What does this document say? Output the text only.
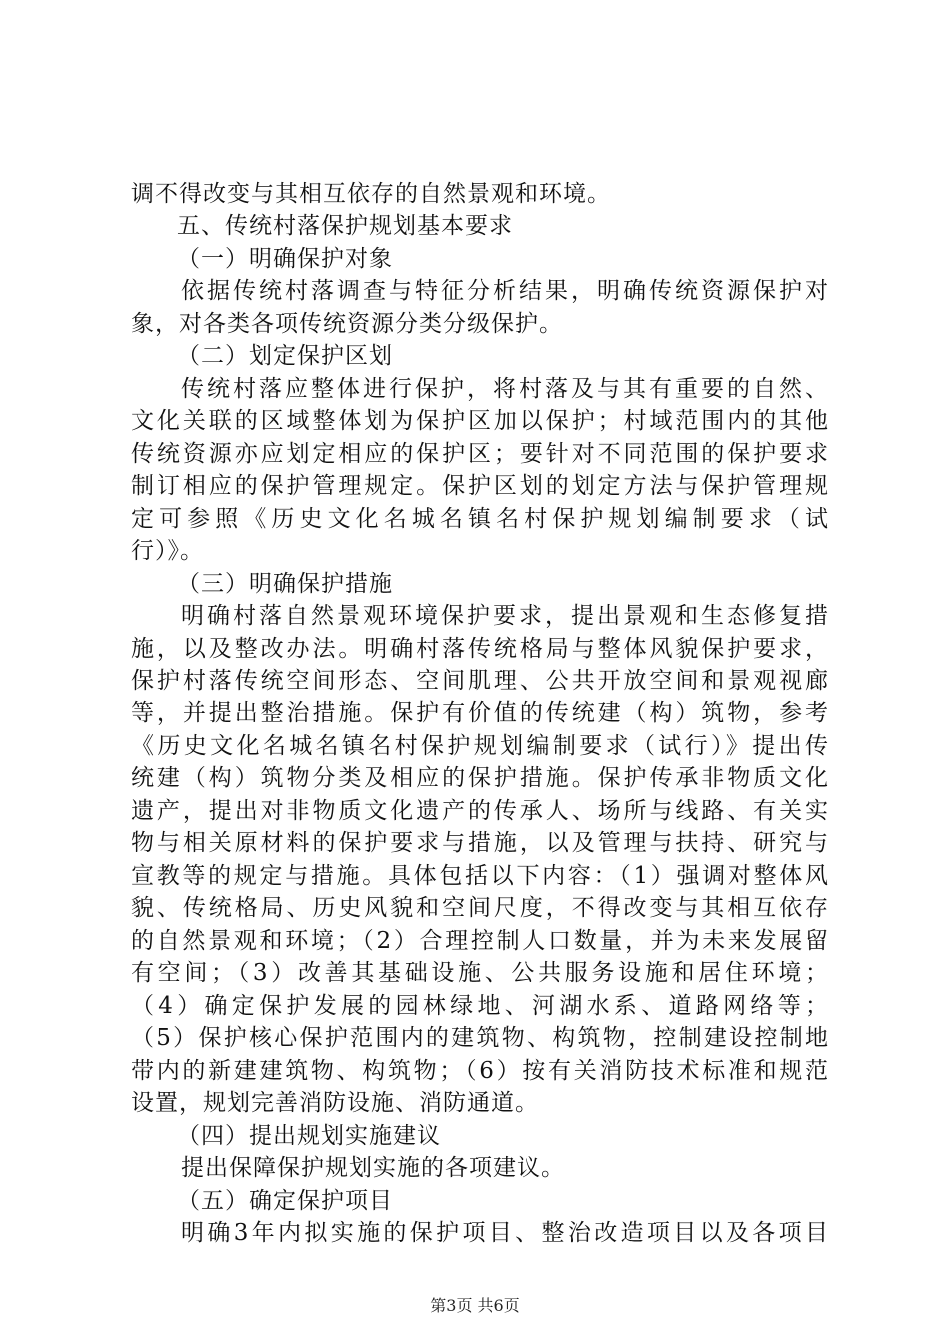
调不得改变与其相互依存的自然景观和环境。
五、传统村落保护规划基本要求
（一）明确保护对象
依据传统村落调查与特征分析结果，明确传统资源保护对
象，对各类各项传统资源分类分级保护。
（二）划定保护区划
传统村落应整体进行保护，将村落及与其有重要的自然、
文化关联的区域整体划为保护区加以保护；村域范围内的其他
传统资源亦应划定相应的保护区；要针对不同范围的保护要求
制订相应的保护管理规定。保护区划的划定方法与保护管理规
定可参照《历史文化名城名镇名村保护规划编制要求（试
行）》。
（三）明确保护措施
明确村落自然景观环境保护要求，提出景观和生态修复措
施，以及整改办法。明确村落传统格局与整体风貌保护要求，
保护村落传统空间形态、空间肌理、公共开放空间和景观视廊
等，并提出整治措施。保护有价值的传统建（构）筑物，参考
《历史文化名城名镇名村保护规划编制要求（试行）》提出传
统建（构）筑物分类及相应的保护措施。保护传承非物质文化
遗产，提出对非物质文化遗产的传承人、场所与线路、有关实
物与相关原材料的保护要求与措施，以及管理与扶持、研究与
宣教等的规定与措施。具体包括以下内容：（1）强调对整体风
貌、传统格局、历史风貌和空间尺度，不得改变与其相互依存
的自然景观和环境；（2）合理控制人口数量，并为未来发展留
有空间；（3）改善其基础设施、公共服务设施和居住环境；
（4）确定保护发展的园林绿地、河湖水系、道路网络等；
（5）保护核心保护范围内的建筑物、构筑物，控制建设控制地
带内的新建建筑物、构筑物；（6）按有关消防技术标准和规范
设置，规划完善消防设施、消防通道。
（四）提出规划实施建议
提出保障保护规划实施的各项建议。
（五）确定保护项目
明确3年内拟实施的保护项目、整治改造项目以及各项目
第3页 共6页
